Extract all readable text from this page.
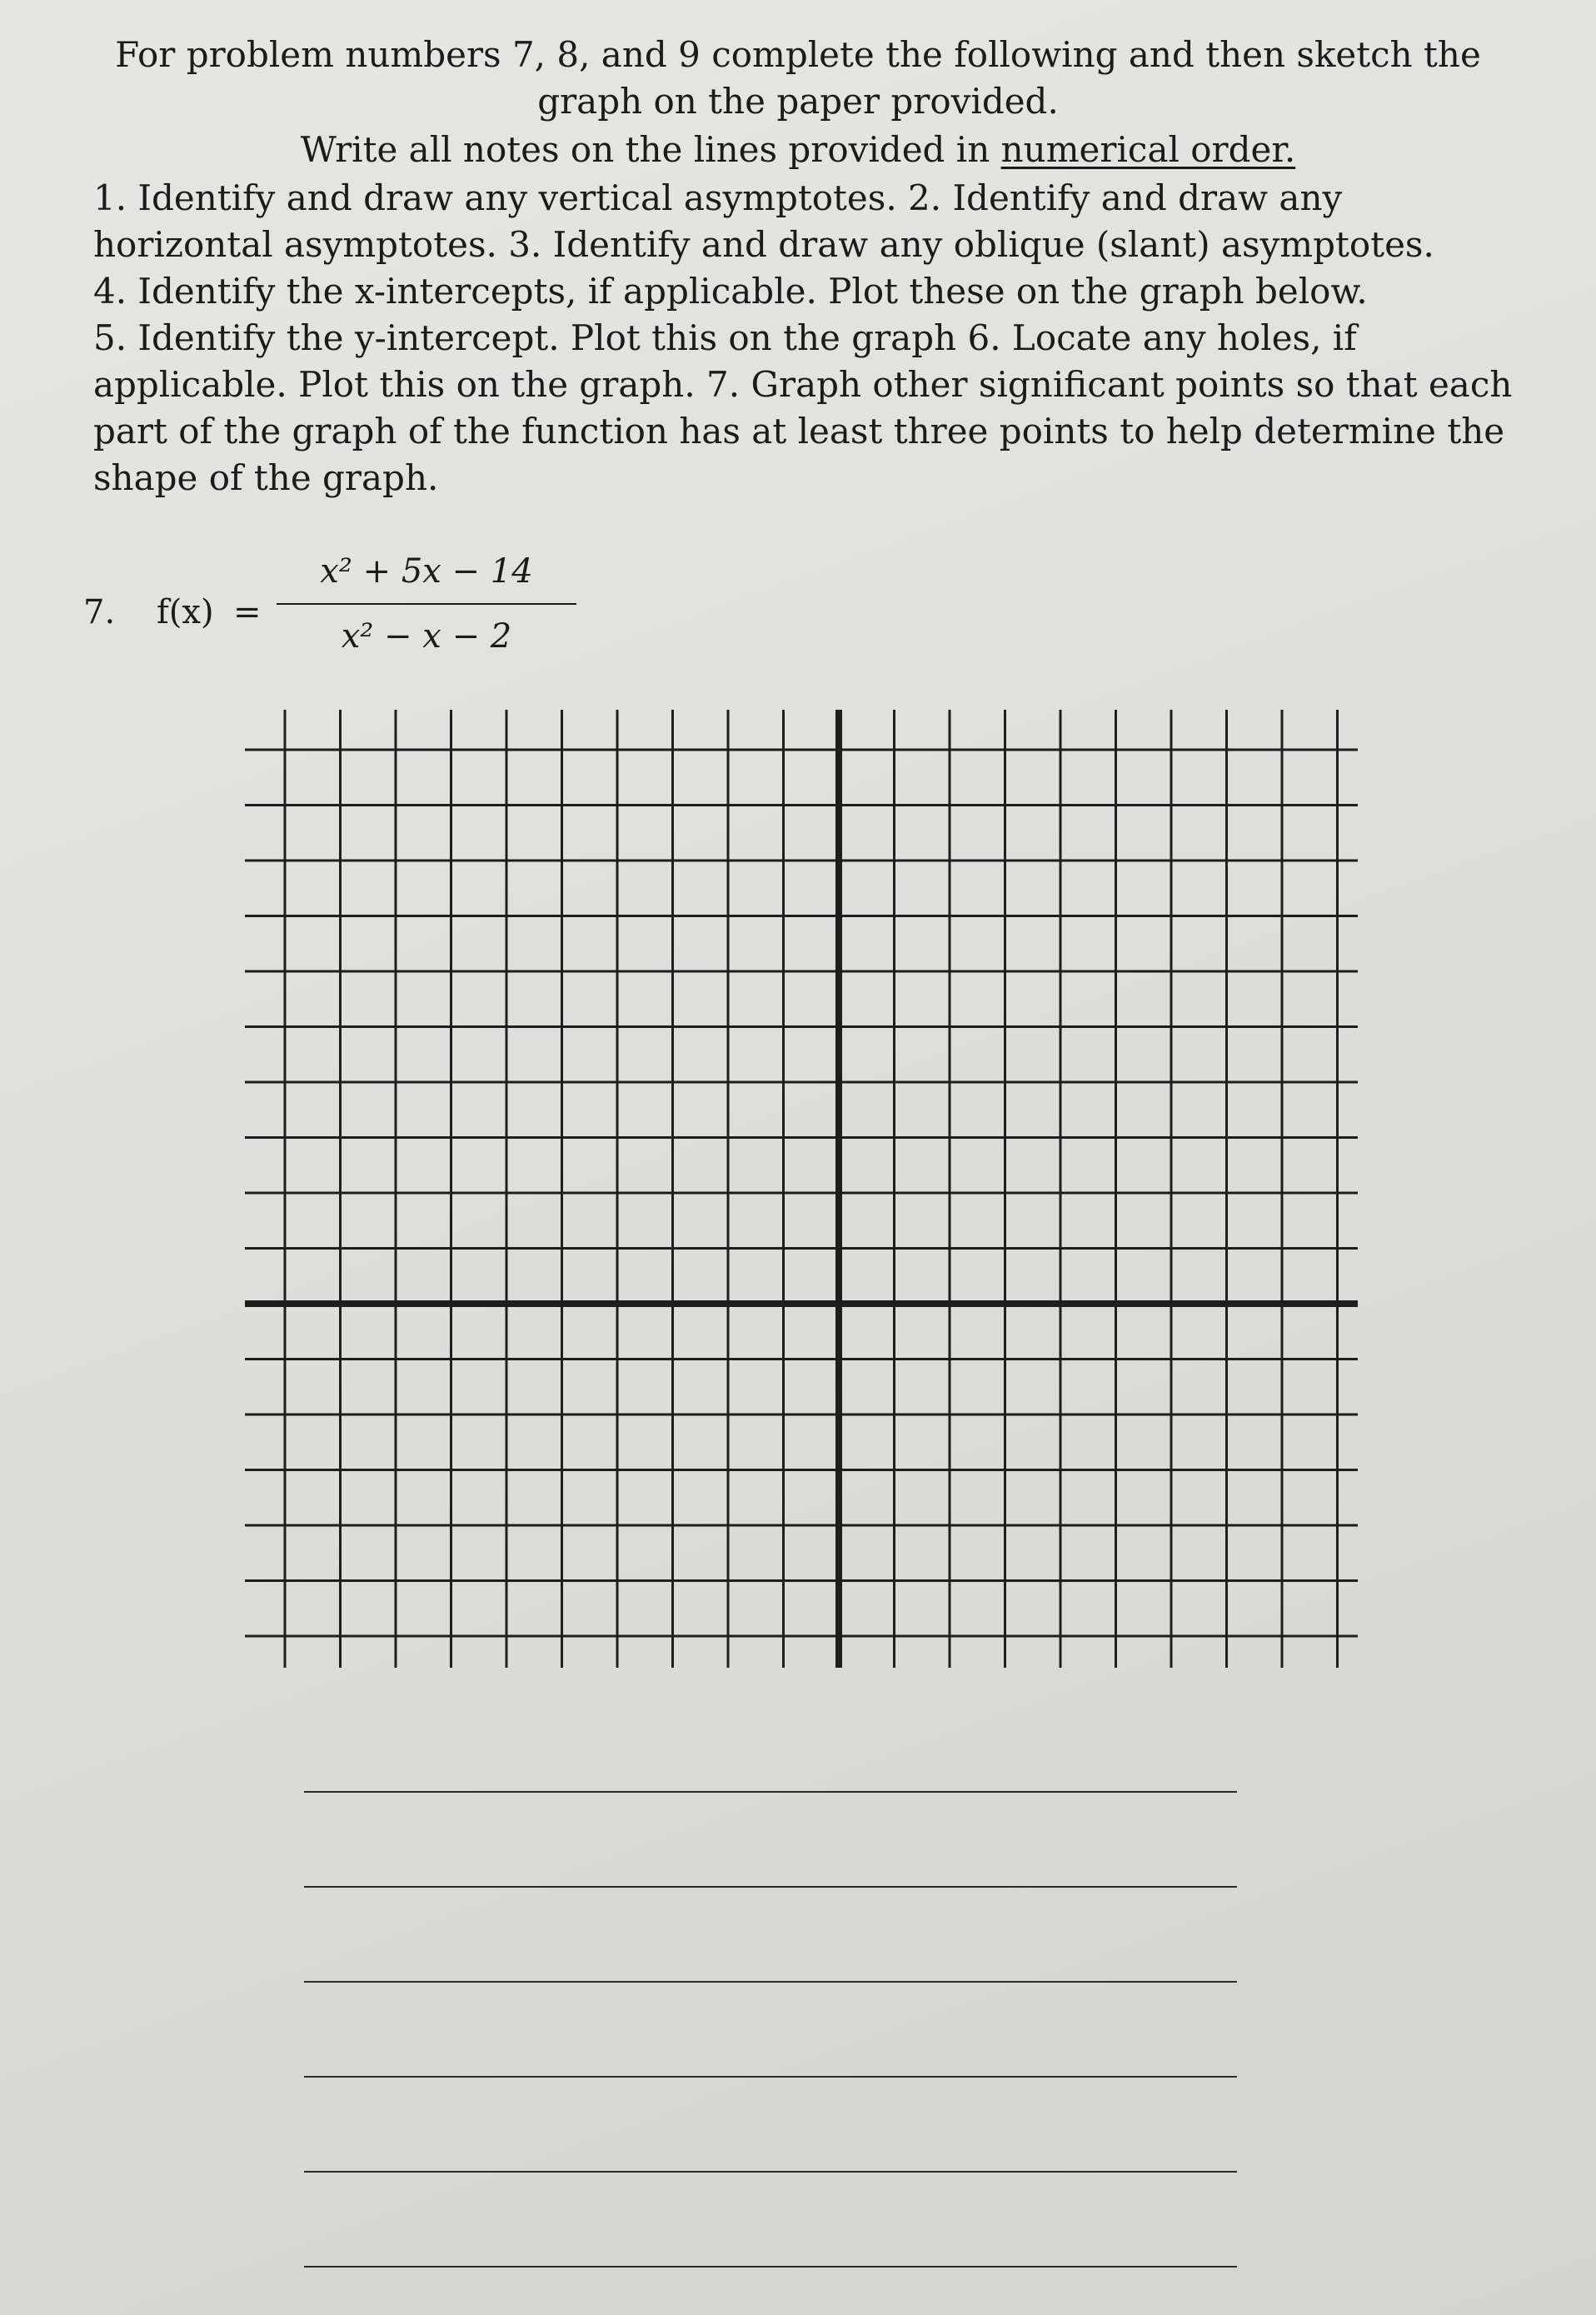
For problem numbers 7, 8, and 9 complete the following and then sketch the
graph on the paper provided.
Write all notes on the lines provided in numerical order.
1. Identify and draw any vertical asymptotes. 2. Identify and draw any
horizontal asymptotes. 3. Identify and draw any oblique (slant) asymptotes.
4. Identify the x-intercepts, if applicable. Plot these on the graph below.
5. Identify the y-intercept. Plot this on the graph 6. Locate any holes, if
applicable. Plot this on the graph. 7. Graph other significant points so that each
part of the graph of the function has at least three points to help determine the
shape of the graph.
7. f(x) =
x² + 5x − 14
x² − x − 2
